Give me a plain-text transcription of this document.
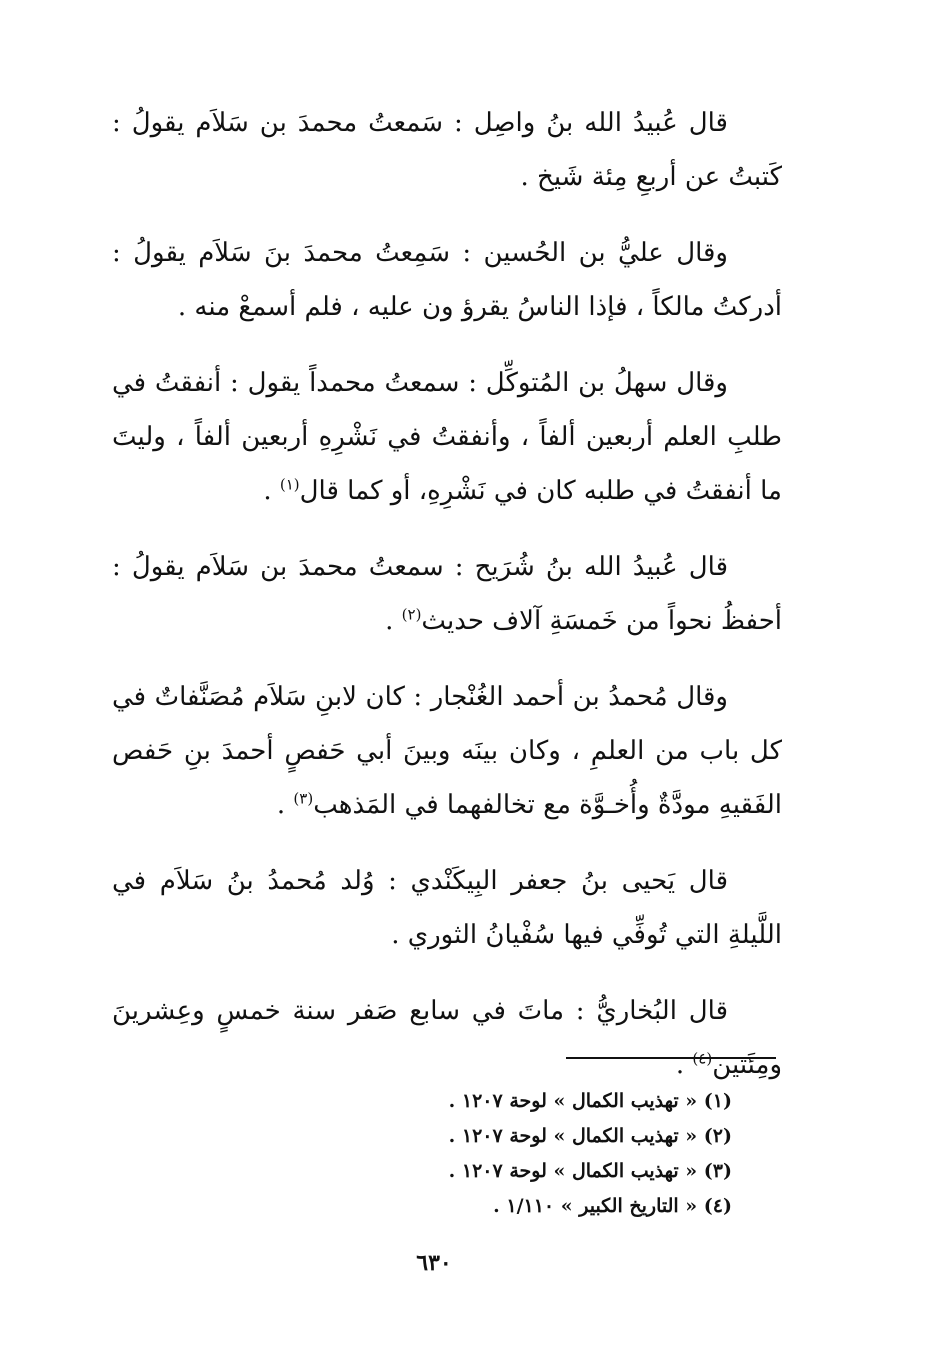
قال عُبيدُ الله بنُ واصِل : سَمعتُ محمدَ بن سَلاَم يقولُ : كَتبتُ عن أربعِ مِئة شَيخ .

وقال عليُّ بن الحُسين : سَمِعتُ محمدَ بنَ سَلاَم يقولُ : أدركتُ مالكاً ، فإذا الناسُ يقرؤ ون عليه ، فلم أسمعْ منه .

وقال سهلُ بن المُتوكِّل : سمعتُ محمداً يقول : أنفقتُ في طلبِ العلم أربعين ألفاً ، وأنفقتُ في نَشْرِهِ أربعين ألفاً ، وليتَ ما أنفقتُ في طلبه كان في نَشْرِهِ، أو كما قال$^{(١)}$ .

قال عُبيدُ الله بنُ شُرَيح : سمعتُ محمدَ بن سَلاَم يقولُ : أحفظُ نحواً من خَمسَةِ آلاف حديث$^{(٢)}$ .

وقال مُحمدُ بن أحمد الغُنْجار : كان لابنِ سَلاَم مُصَنَّفاتٌ في كل باب من العلمِ ، وكان بينَه وبينَ أبي حَفصٍ أحمدَ بنِ حَفص الفَقيهِ مودَّةٌ وأُخـوَّة مع تخالفهما في المَذهب$^{(٣)}$ .

قال يَحيى بنُ جعفر البِيكَنْدي : وُلد مُحمدُ بنُ سَلاَم في اللَّيلةِ التي تُوفِّي فيها سُفْيانُ الثوري .

قال البُخاريُّ : ماتَ في سابع صَفر سنة خمسٍ وعِشرينَ ومِئَتين$^{(٤)}$ .

(١) « تهذيب الكمال » لوحة ١٢٠٧ .
(٢) « تهذيب الكمال » لوحة ١٢٠٧ .
(٣) « تهذيب الكمال » لوحة ١٢٠٧ .
(٤) « التاريخ الكبير » ١/١١٠ .
٦٣٠
